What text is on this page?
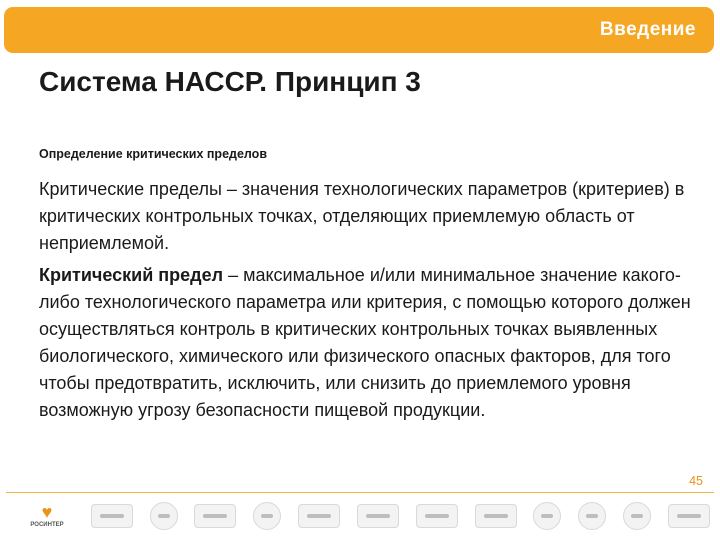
Введение
Система НАССР. Принцип 3
Определение критических пределов

Критические пределы – значения технологических параметров (критериев) в критических контрольных точках, отделяющих приемлемую область от неприемлемой.

Критический предел – максимальное и/или минимальное значение какого-либо технологического параметра или критерия, с помощью которого должен осуществляться контроль в критических контрольных точках выявленных биологического, химического или физического опасных факторов, для того чтобы предотвратить, исключить, или снизить до приемлемого уровня возможную угрозу безопасности пищевой продукции.

45
♥
РОСИНТЕР
